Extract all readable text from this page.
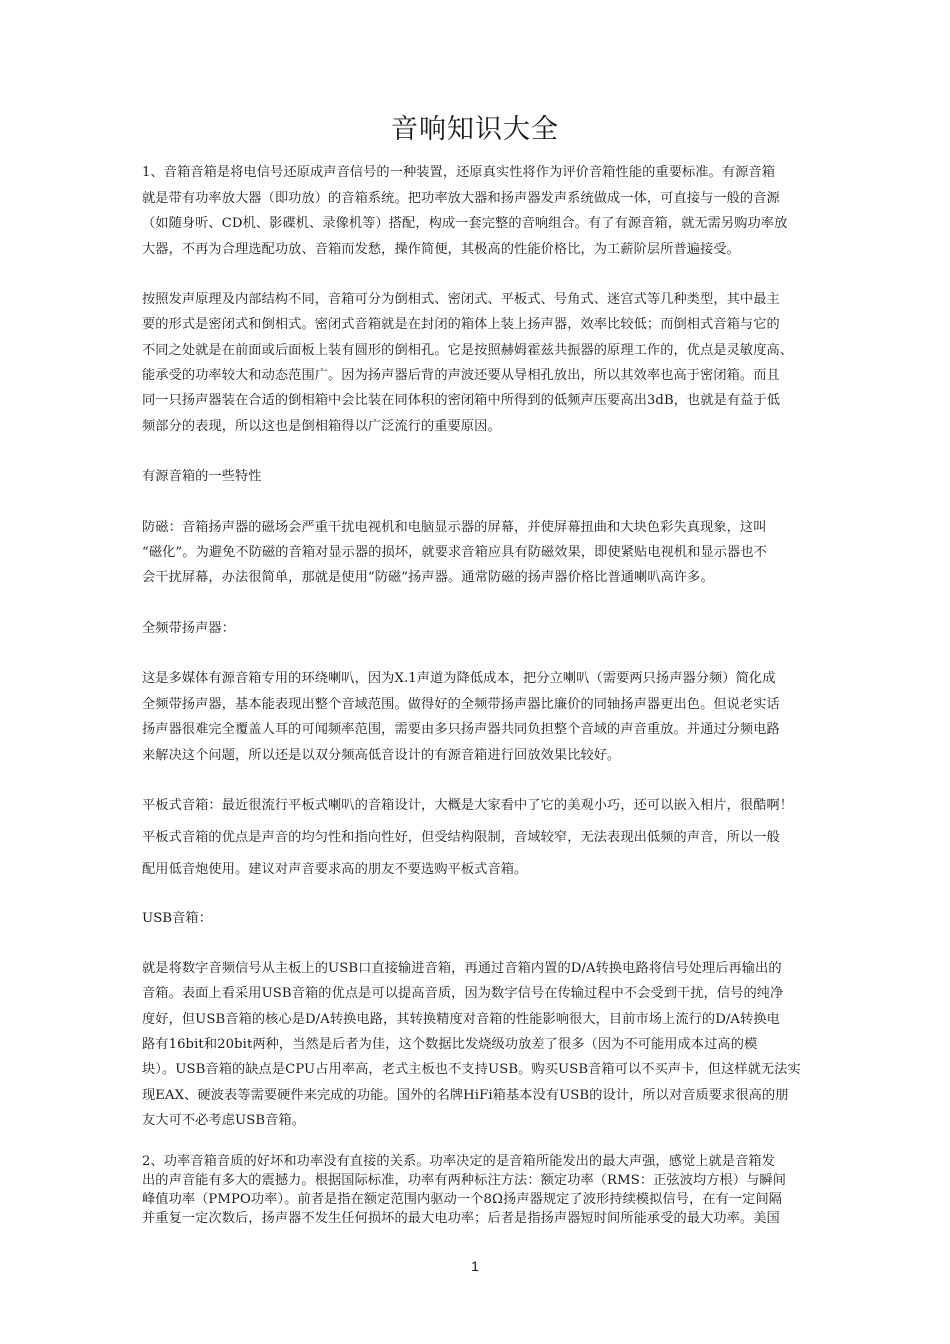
音响知识大全
1、音箱音箱是将电信号还原成声音信号的一种装置，还原真实性将作为评价音箱性能的重要标准。有源音箱
就是带有功率放大器（即功放）的音箱系统。把功率放大器和扬声器发声系统做成一体，可直接与一般的音源
（如随身听、CD机、影碟机、录像机等）搭配，构成一套完整的音响组合。有了有源音箱，就无需另购功率放
大器，不再为合理选配功放、音箱而发愁，操作简便，其极高的性能价格比，为工薪阶层所普遍接受。
按照发声原理及内部结构不同，音箱可分为倒相式、密闭式、平板式、号角式、迷宫式等几种类型，其中最主
要的形式是密闭式和倒相式。密闭式音箱就是在封闭的箱体上装上扬声器，效率比较低；而倒相式音箱与它的
不同之处就是在前面或后面板上装有圆形的倒相孔。它是按照赫姆霍兹共振器的原理工作的，优点是灵敏度高、
能承受的功率较大和动态范围广。因为扬声器后背的声波还要从导相孔放出，所以其效率也高于密闭箱。而且
同一只扬声器装在合适的倒相箱中会比装在同体积的密闭箱中所得到的低频声压要高出3dB，也就是有益于低
频部分的表现，所以这也是倒相箱得以广泛流行的重要原因。
有源音箱的一些特性
防磁：音箱扬声器的磁场会严重干扰电视机和电脑显示器的屏幕，并使屏幕扭曲和大块色彩失真现象，这叫
“磁化”。为避免不防磁的音箱对显示器的损坏，就要求音箱应具有防磁效果，即使紧贴电视机和显示器也不
会干扰屏幕，办法很简单，那就是使用“防磁”扬声器。通常防磁的扬声器价格比普通喇叭高许多。
全频带扬声器：
这是多媒体有源音箱专用的环绕喇叭，因为X.1声道为降低成本，把分立喇叭（需要两只扬声器分频）简化成
全频带扬声器，基本能表现出整个音域范围。做得好的全频带扬声器比廉价的同轴扬声器更出色。但说老实话
扬声器很难完全覆盖人耳的可闻频率范围，需要由多只扬声器共同负担整个音域的声音重放。并通过分频电路
来解决这个问题，所以还是以双分频高低音设计的有源音箱进行回放效果比较好。
平板式音箱：最近很流行平板式喇叭的音箱设计，大概是大家看中了它的美观小巧，还可以嵌入相片，很酷啊！
平板式音箱的优点是声音的均匀性和指向性好，但受结构限制，音域较窄，无法表现出低频的声音，所以一般
配用低音炮使用。建议对声音要求高的朋友不要选购平板式音箱。
USB音箱：
就是将数字音频信号从主板上的USB口直接输进音箱，再通过音箱内置的D/A转换电路将信号处理后再输出的
音箱。表面上看采用USB音箱的优点是可以提高音质，因为数字信号在传输过程中不会受到干扰，信号的纯净
度好，但USB音箱的核心是D/A转换电路，其转换精度对音箱的性能影响很大，目前市场上流行的D/A转换电
路有16bit和20bit两种，当然是后者为佳，这个数据比发烧级功放差了很多（因为不可能用成本过高的模
块）。USB音箱的缺点是CPU占用率高，老式主板也不支持USB。购买USB音箱可以不买声卡，但这样就无法实
现EAX、硬波表等需要硬件来完成的功能。国外的名牌HiFi箱基本没有USB的设计，所以对音质要求很高的朋
友大可不必考虑USB音箱。
2、功率音箱音质的好坏和功率没有直接的关系。功率决定的是音箱所能发出的最大声强，感觉上就是音箱发
出的声音能有多大的震撼力。根据国际标准，功率有两种标注方法：额定功率（RMS：正弦波均方根）与瞬间
峰值功率（PMPO功率）。前者是指在额定范围内驱动一个8Ω扬声器规定了波形持续模拟信号，在有一定间隔
并重复一定次数后，扬声器不发生任何损坏的最大电功率；后者是指扬声器短时间所能承受的最大功率。美国
1
